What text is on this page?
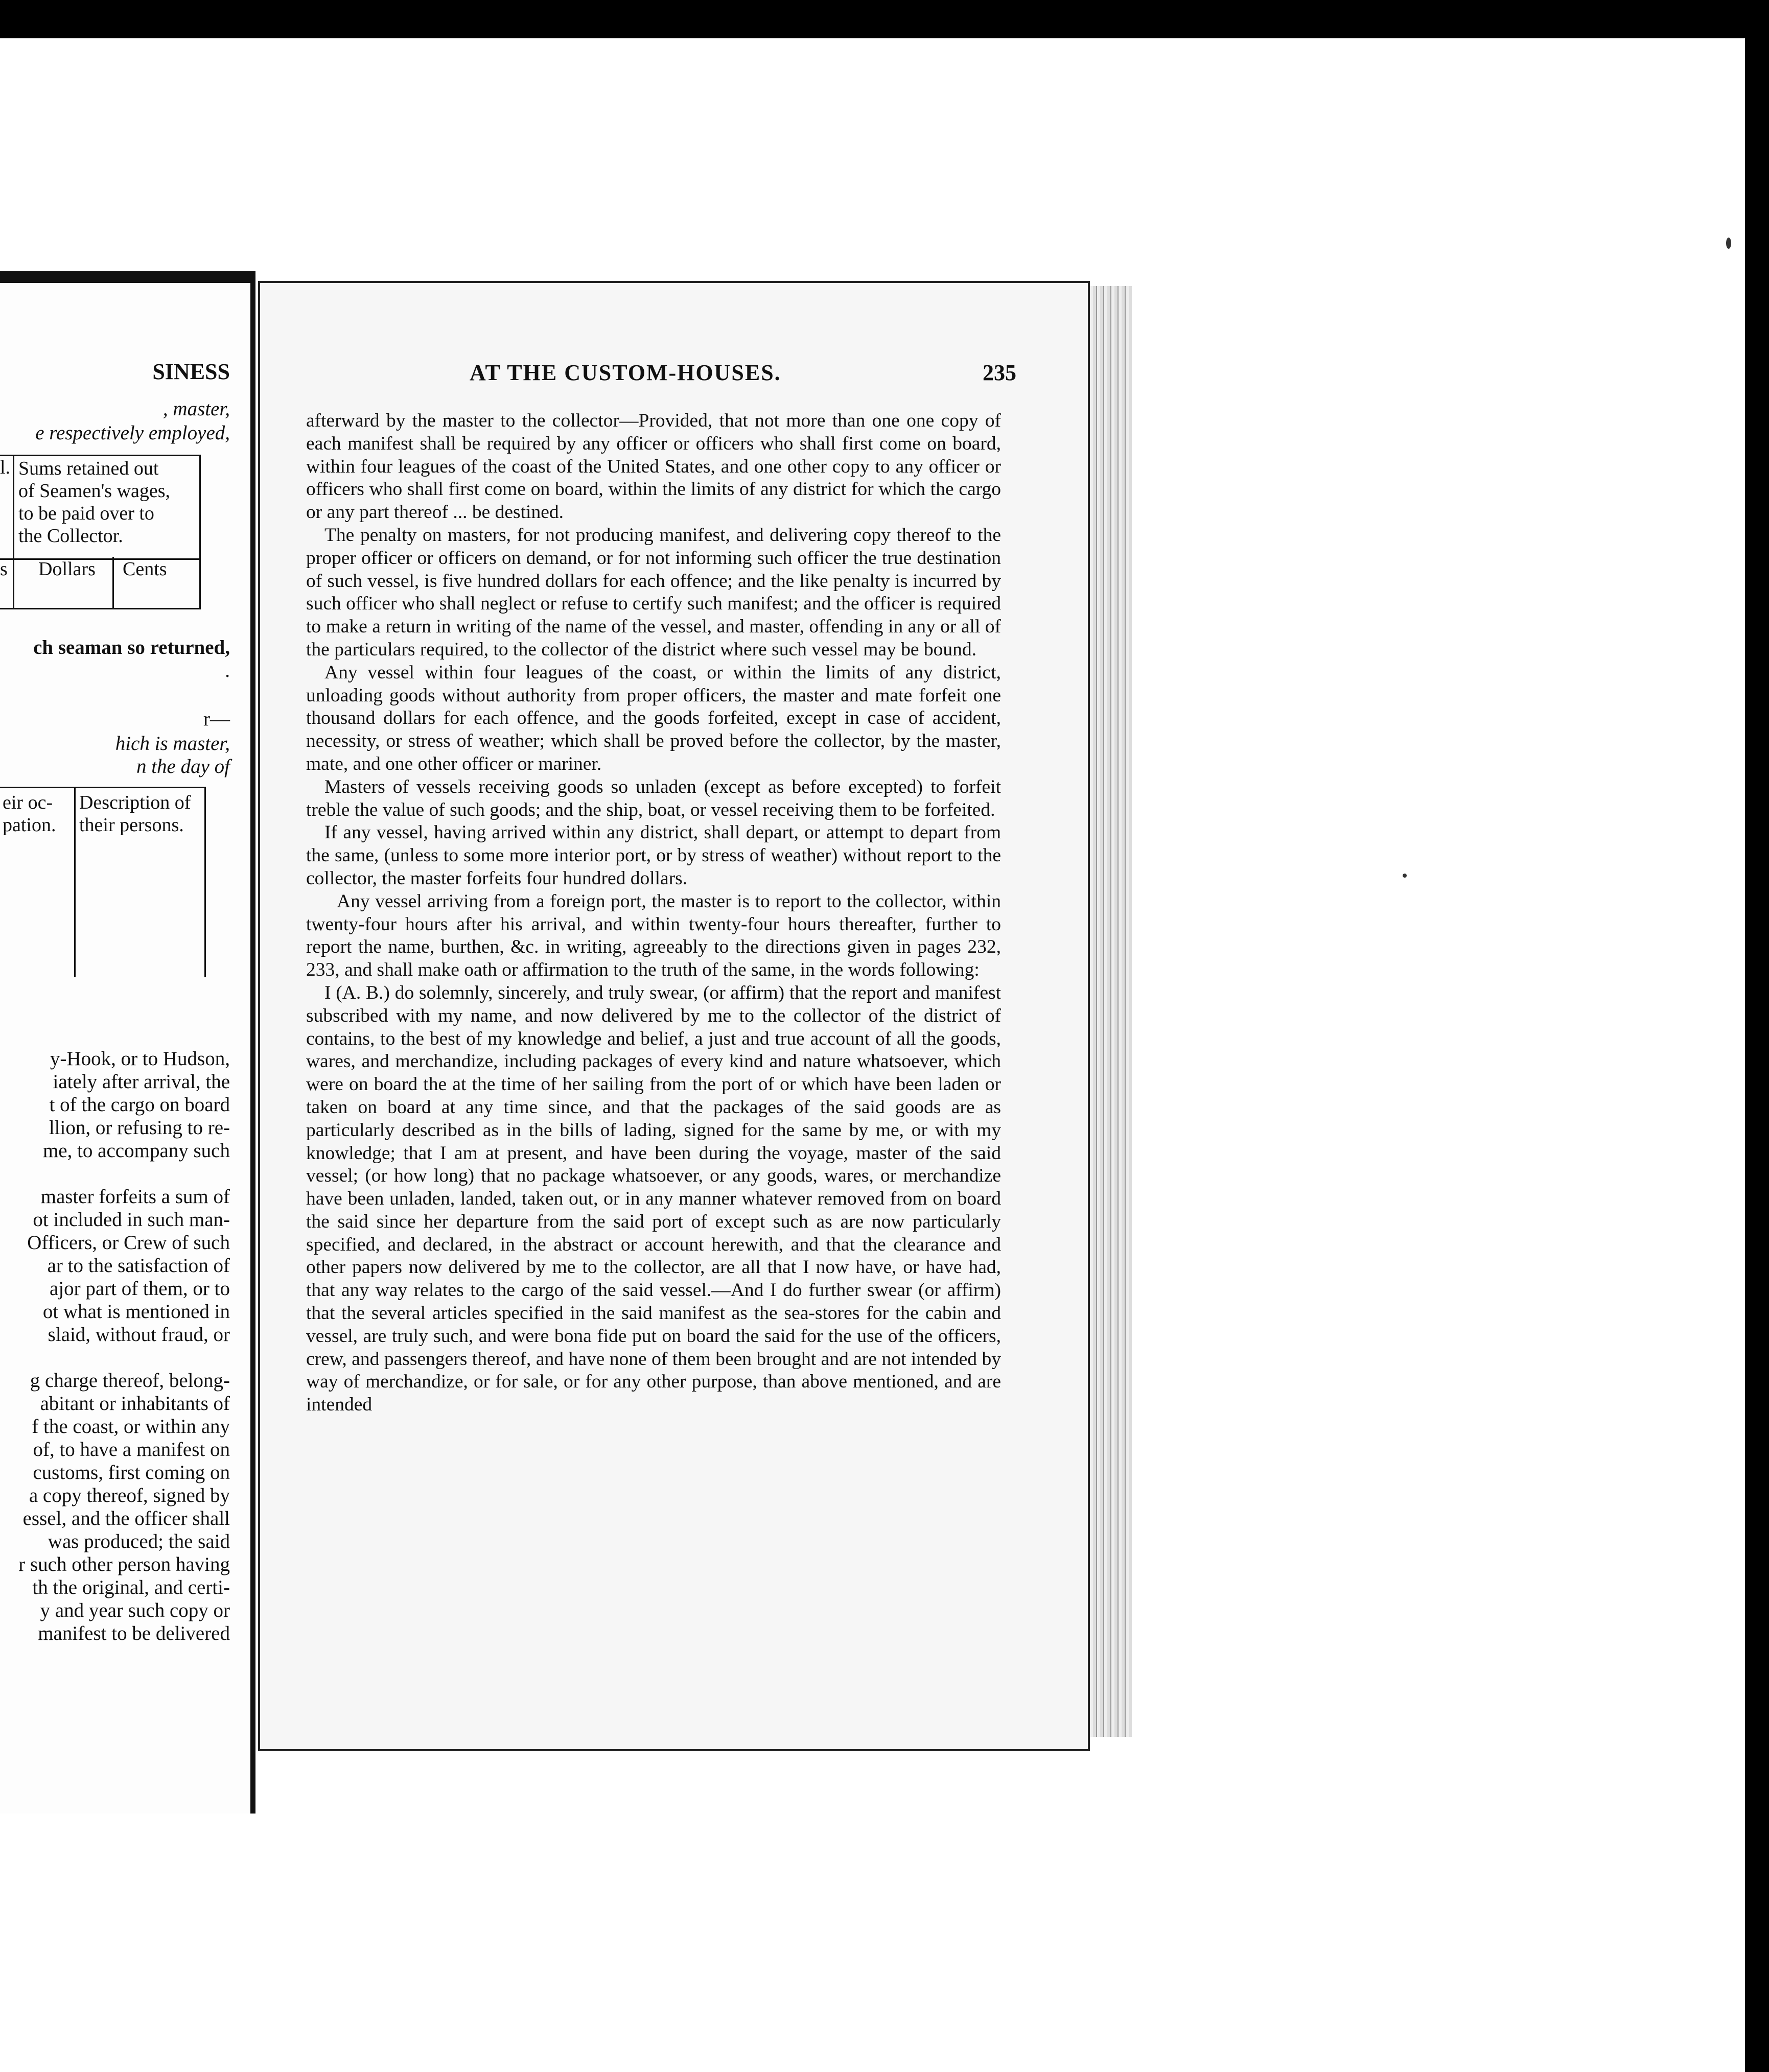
SINESS
, master,
e respectively employed,
l. Sums retained out
of Seamen's wages,
to be paid over to
the Collector.
s Dollars Cents
ch seaman so returned,
.
r—
hich is master,
n the day of
eir oc-
pation.
Description of
their persons.
y-Hook, or to Hudson,
iately after arrival, the
t of the cargo on board
llion, or refusing to re-
me, to accompany such
master forfeits a sum of
ot included in such man-
Officers, or Crew of such
ar to the satisfaction of
ajor part of them, or to
ot what is mentioned in
slaid, without fraud, or
g charge thereof, belong-
abitant or inhabitants of
f the coast, or within any
of, to have a manifest on
customs, first coming on
a copy thereof, signed by
essel, and the officer shall
was produced; the said
r such other person having
th the original, and certi-
y and year such copy or
manifest to be delivered
AT THE CUSTOM-HOUSES.	235

afterward by the master to the collector—Provided, that not more than one one copy of each manifest shall be required by any officer or officers who shall first come on board, within four leagues of the coast of the United States, and one other copy to any officer or officers who shall first come on board, within the limits of any district for which the cargo or any part thereof ... be destined.

The penalty on masters, for not producing manifest, and delivering copy thereof to the proper officer or officers on demand, or for not informing such officer the true destination of such vessel, is five hundred dollars for each offence; and the like penalty is incurred by such officer who shall neglect or refuse to certify such manifest; and the officer is required to make a return in writing of the name of the vessel, and master, offending in any or all of the particulars required, to the collector of the district where such vessel may be bound.

Any vessel within four leagues of the coast, or within the limits of any district, unloading goods without authority from proper officers, the master and mate forfeit one thousand dollars for each offence, and the goods forfeited, except in case of accident, necessity, or stress of weather; which shall be proved before the collector, by the master, mate, and one other officer or mariner.

Masters of vessels receiving goods so unladen (except as before excepted) to forfeit treble the value of such goods; and the ship, boat, or vessel receiving them to be forfeited.

If any vessel, having arrived within any district, shall depart, or attempt to depart from the same, (unless to some more interior port, or by stress of weather) without report to the collector, the master forfeits four hundred dollars.

Any vessel arriving from a foreign port, the master is to report to the collector, within twenty-four hours after his arrival, and within twenty-four hours thereafter, further to report the name, burthen, &c. in writing, agreeably to the directions given in pages 232, 233, and shall make oath or affirmation to the truth of the same, in the words following:

I (A. B.) do solemnly, sincerely, and truly swear, (or affirm) that the report and manifest subscribed with my name, and now delivered by me to the collector of the district of contains, to the best of my knowledge and belief, a just and true account of all the goods, wares, and merchandize, including packages of every kind and nature whatsoever, which were on board the at the time of her sailing from the port of or which have been laden or taken on board at any time since, and that the packages of the said goods are as particularly described as in the bills of lading, signed for the same by me, or with my knowledge; that I am at present, and have been during the voyage, master of the said vessel; (or how long) that no package whatsoever, or any goods, wares, or merchandize have been unladen, landed, taken out, or in any manner whatever removed from on board the said since her departure from the said port of except such as are now particularly specified, and declared, in the abstract or account herewith, and that the clearance and other papers now delivered by me to the collector, are all that I now have, or have had, that any way relates to the cargo of the said vessel.—And I do further swear (or affirm) that the several articles specified in the said manifest as the sea-stores for the cabin and vessel, are truly such, and were bona fide put on board the said for the use of the officers, crew, and passengers thereof, and have none of them been brought and are not intended by way of merchandize, or for sale, or for any other purpose, than above mentioned, and are intended
